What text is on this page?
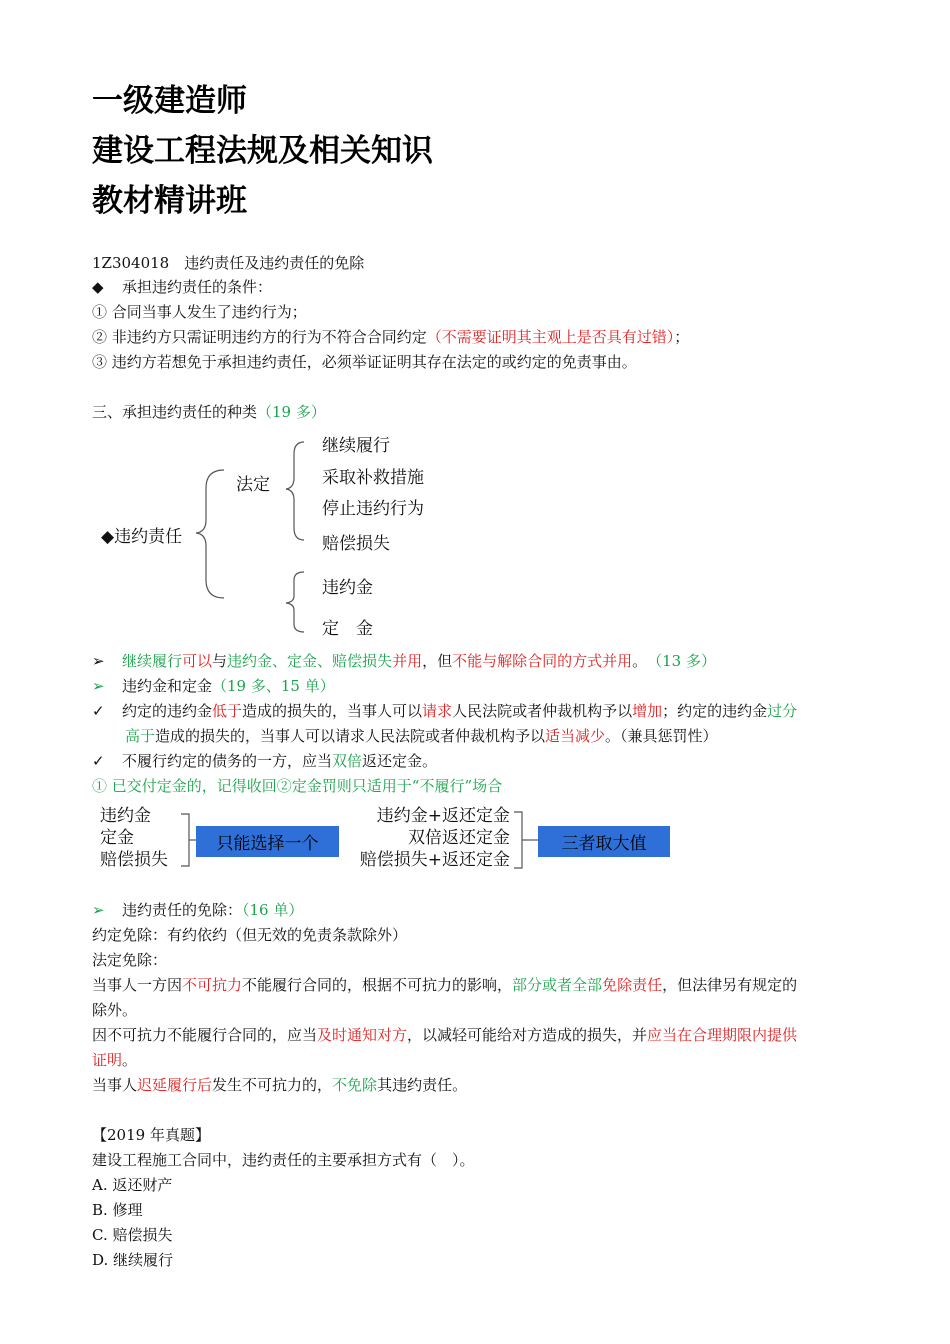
一级建造师
建设工程法规及相关知识
教材精讲班
1Z304018　违约责任及违约责任的免除
◆ 承担违约责任的条件：
① 合同当事人发生了违约行为；
② 非违约方只需证明违约方的行为不符合合同约定（不需要证明其主观上是否具有过错）；
③ 违约方若想免于承担违约责任，必须举证证明其存在法定的或约定的免责事由。
三、承担违约责任的种类（19 多）
◆违约责任
法定
继续履行
采取补救措施
停止违约行为
赔偿损失
违约金
定　金
➢ 继续履行可以与违约金、定金、赔偿损失并用，但不能与解除合同的方式并用。　（13 多）
➢ 违约金和定金（19 多、15 单）
✓ 约定的违约金低于造成的损失的，当事人可以请求人民法院或者仲裁机构予以增加；约定的违约金过分
高于造成的损失的，当事人可以请求人民法院或者仲裁机构予以适当减少。（兼具惩罚性）
✓ 不履行约定的债务的一方，应当双倍返还定金。
① 已交付定金的，记得收回②定金罚则只适用于“不履行”场合
违约金
定金
赔偿损失
只能选择一个
违约金+返还定金
双倍返还定金
赔偿损失+返还定金
三者取大值
➢ 违约责任的免除：（16 单）
约定免除：有约依约（但无效的免责条款除外）
法定免除：
当事人一方因不可抗力不能履行合同的，根据不可抗力的影响，部分或者全部免除责任，但法律另有规定的
除外。
因不可抗力不能履行合同的，应当及时通知对方，以减轻可能给对方造成的损失，并应当在合理期限内提供
证明。
当事人迟延履行后发生不可抗力的，不免除其违约责任。
【2019 年真题】
建设工程施工合同中，违约责任的主要承担方式有（　）。
A. 返还财产
B. 修理
C. 赔偿损失
D. 继续履行
